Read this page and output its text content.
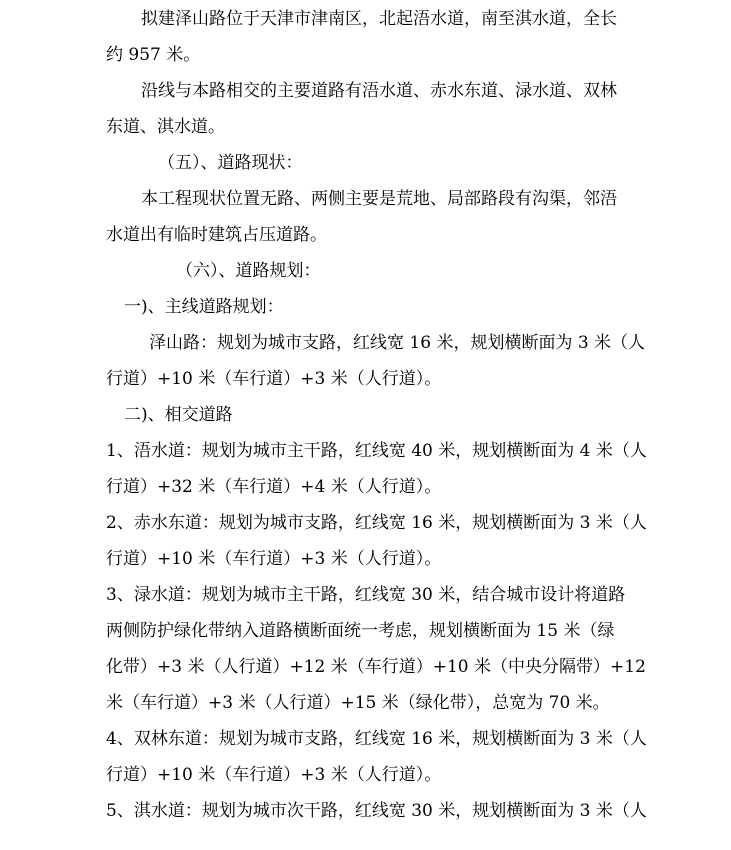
拟建泽山路位于天津市津南区，北起浯水道，南至淇水道，全长
约 957 米。
沿线与本路相交的主要道路有浯水道、赤水东道、渌水道、双林
东道、淇水道。
（五）、道路现状：
本工程现状位置无路、两侧主要是荒地、局部路段有沟渠，邻浯
水道出有临时建筑占压道路。
（六）、道路规划：
一)、主线道路规划：
泽山路：规划为城市支路，红线宽 16 米，规划横断面为 3 米（人
行道）+10 米（车行道）+3 米（人行道）。
二)、相交道路
1、浯水道：规划为城市主干路，红线宽 40 米，规划横断面为 4 米（人
行道）+32 米（车行道）+4 米（人行道）。
2、赤水东道：规划为城市支路，红线宽 16 米，规划横断面为 3 米（人
行道）+10 米（车行道）+3 米（人行道）。
3、渌水道：规划为城市主干路，红线宽 30 米，结合城市设计将道路
两侧防护绿化带纳入道路横断面统一考虑，规划横断面为 15 米（绿
化带）+3 米（人行道）+12 米（车行道）+10 米（中央分隔带）+12
米（车行道）+3 米（人行道）+15 米（绿化带），总宽为 70 米。
4、双林东道：规划为城市支路，红线宽 16 米，规划横断面为 3 米（人
行道）+10 米（车行道）+3 米（人行道）。
5、淇水道：规划为城市次干路，红线宽 30 米，规划横断面为 3 米（人
